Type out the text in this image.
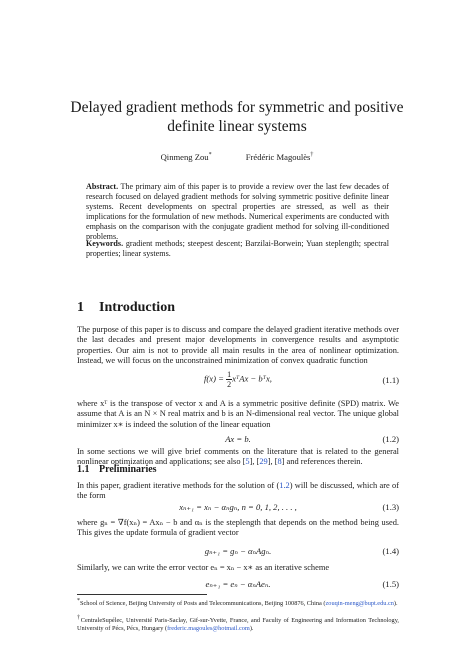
Delayed gradient methods for symmetric and positive definite linear systems
Qinmeng Zou*	Frédéric Magoulès†
Abstract. The primary aim of this paper is to provide a review over the last few decades of research focused on delayed gradient methods for solving symmetric positive definite linear systems. Recent developments on spectral properties are stressed, as well as their implications for the formulation of new methods. Numerical experiments are conducted with emphasis on the comparison with the conjugate gradient method for solving ill-conditioned problems.
Keywords. gradient methods; steepest descent; Barzilai-Borwein; Yuan steplength; spectral properties; linear systems.
1 Introduction
The purpose of this paper is to discuss and compare the delayed gradient iterative methods over the last decades and present major developments in convergence results and asymptotic properties. Our aim is not to provide all main results in the area of nonlinear optimization. Instead, we will focus on the unconstrained minimization of convex quadratic function
$f(x) = \frac{1}{2}$ xᵀAx − bᵀx,	(1.1)
where xᵀ is the transpose of vector x and A is a symmetric positive definite (SPD) matrix. We assume that A is an N × N real matrix and b is an N-dimensional real vector. The unique global minimizer x∗ is indeed the solution of the linear equation
Ax = b.	(1.2)
In some sections we will give brief comments on the literature that is related to the general nonlinear optimization and applications; see also [5], [29], [8] and references therein.
1.1 Preliminaries
In this paper, gradient iterative methods for the solution of (1.2) will be discussed, which are of the form
xₙ₊₁ = xₙ − αₙgₙ, n = 0, 1, 2, . . . ,	(1.3)
where gₙ = ∇f(xₙ) = Axₙ − b and αₙ is the steplength that depends on the method being used. This gives the update formula of gradient vector
gₙ₊₁ = gₙ − αₙAgₙ.	(1.4)
Similarly, we can write the error vector eₙ = xₙ − x∗ as an iterative scheme
eₙ₊₁ = eₙ − αₙAeₙ.	(1.5)
*School of Science, Beijing University of Posts and Telecommunications, Beijing 100876, China (zouqin-meng@bupt.edu.cn).
†CentraleSupélec, Université Paris-Saclay, Gif-sur-Yvette, France, and Faculty of Engineering and Information Technology, University of Pécs, Pécs, Hungary (frederic.magoules@hotmail.com).
